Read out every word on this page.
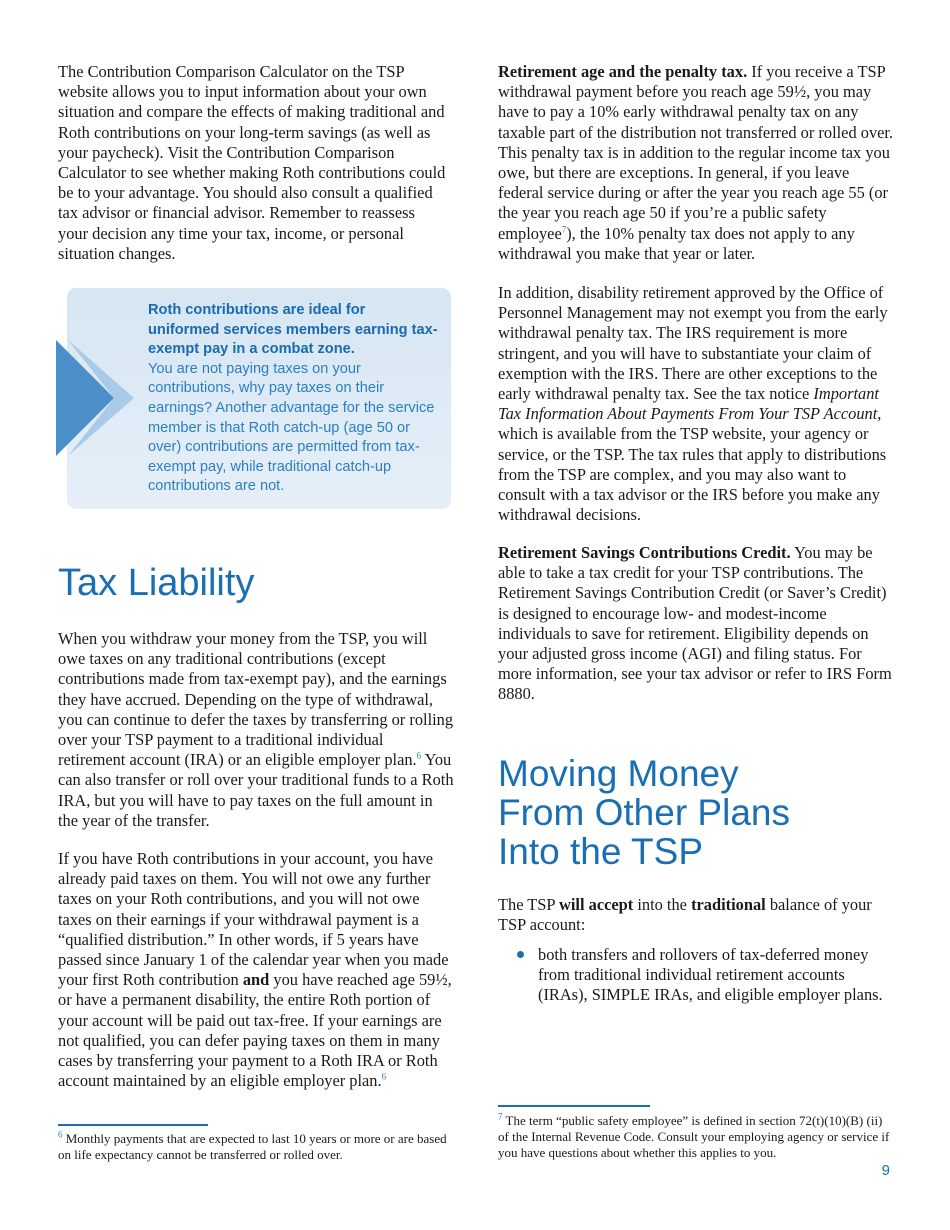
The Contribution Comparison Calculator on the TSP website allows you to input information about your own situation and compare the effects of making traditional and Roth contributions on your long-term savings (as well as your paycheck). Visit the Contribution Comparison Calculator to see whether making Roth contributions could be to your advantage. You should also consult a qualified tax advisor or financial advisor. Remember to reassess your decision any time your tax, income, or personal situation changes.

Tax Liability

When you withdraw your money from the TSP, you will owe taxes on any traditional contributions (except contributions made from tax-exempt pay), and the earnings they have accrued. Depending on the type of withdrawal, you can continue to defer the taxes by transferring or rolling over your TSP payment to a traditional individual retirement account (IRA) or an eligible employer plan.$^6$ You can also transfer or roll over your traditional funds to a Roth IRA, but you will have to pay taxes on the full amount in the year of the transfer.

If you have Roth contributions in your account, you have already paid taxes on them. You will not owe any further taxes on your Roth contributions, and you will not owe taxes on their earnings if your withdrawal payment is a “qualified distribution.” In other words, if 5 years have passed since January 1 of the calendar year when you made your first Roth contribution and you have reached age 59½, or have a permanent disability, the entire Roth portion of your account will be paid out tax-free. If your earnings are not qualified, you can defer paying taxes on them in many cases by transferring your payment to a Roth IRA or Roth account maintained by an eligible employer plan.$^6$

Roth contributions are ideal for uniformed services members earning tax-exempt pay in a combat zone.
You are not paying taxes on your contributions, why pay taxes on their earnings? Another advantage for the service member is that Roth catch-up (age 50 or over) contributions are permitted from tax-exempt pay, while traditional catch-up contributions are not.

Retirement age and the penalty tax. If you receive a TSP withdrawal payment before you reach age 59½, you may have to pay a 10% early withdrawal penalty tax on any taxable part of the distribution not transferred or rolled over. This penalty tax is in addition to the regular income tax you owe, but there are exceptions. In general, if you leave federal service during or after the year you reach age 55 (or the year you reach age 50 if you’re a public safety employee$^7$), the 10% penalty tax does not apply to any withdrawal you make that year or later.

In addition, disability retirement approved by the Office of Personnel Management may not exempt you from the early withdrawal penalty tax. The IRS requirement is more stringent, and you will have to substantiate your claim of exemption with the IRS. There are other exceptions to the early withdrawal penalty tax. See the tax notice Important Tax Information About Payments From Your TSP Account, which is available from the TSP website, your agency or service, or the TSP. The tax rules that apply to distributions from the TSP are complex, and you may also want to consult with a tax advisor or the IRS before you make any withdrawal decisions.

Retirement Savings Contributions Credit. You may be able to take a tax credit for your TSP contributions. The Retirement Savings Contribution Credit (or Saver’s Credit) is designed to encourage low- and modest-income individuals to save for retirement. Eligibility depends on your adjusted gross income (AGI) and filing status. For more information, see your tax advisor or refer to IRS Form 8880.

Moving Money
From Other Plans
Into the TSP

The TSP will accept into the traditional balance of your TSP account:

both transfers and rollovers of tax-deferred money from traditional individual retirement accounts (IRAs), SIMPLE IRAs, and eligible employer plans.
$^6$ Monthly payments that are expected to last 10 years or more or are based on life expectancy cannot be transferred or rolled over.
$^7$ The term “public safety employee” is defined in section 72(t)(10)(B) (ii) of the Internal Revenue Code. Consult your employing agency or service if you have questions about whether this applies to you.
9
